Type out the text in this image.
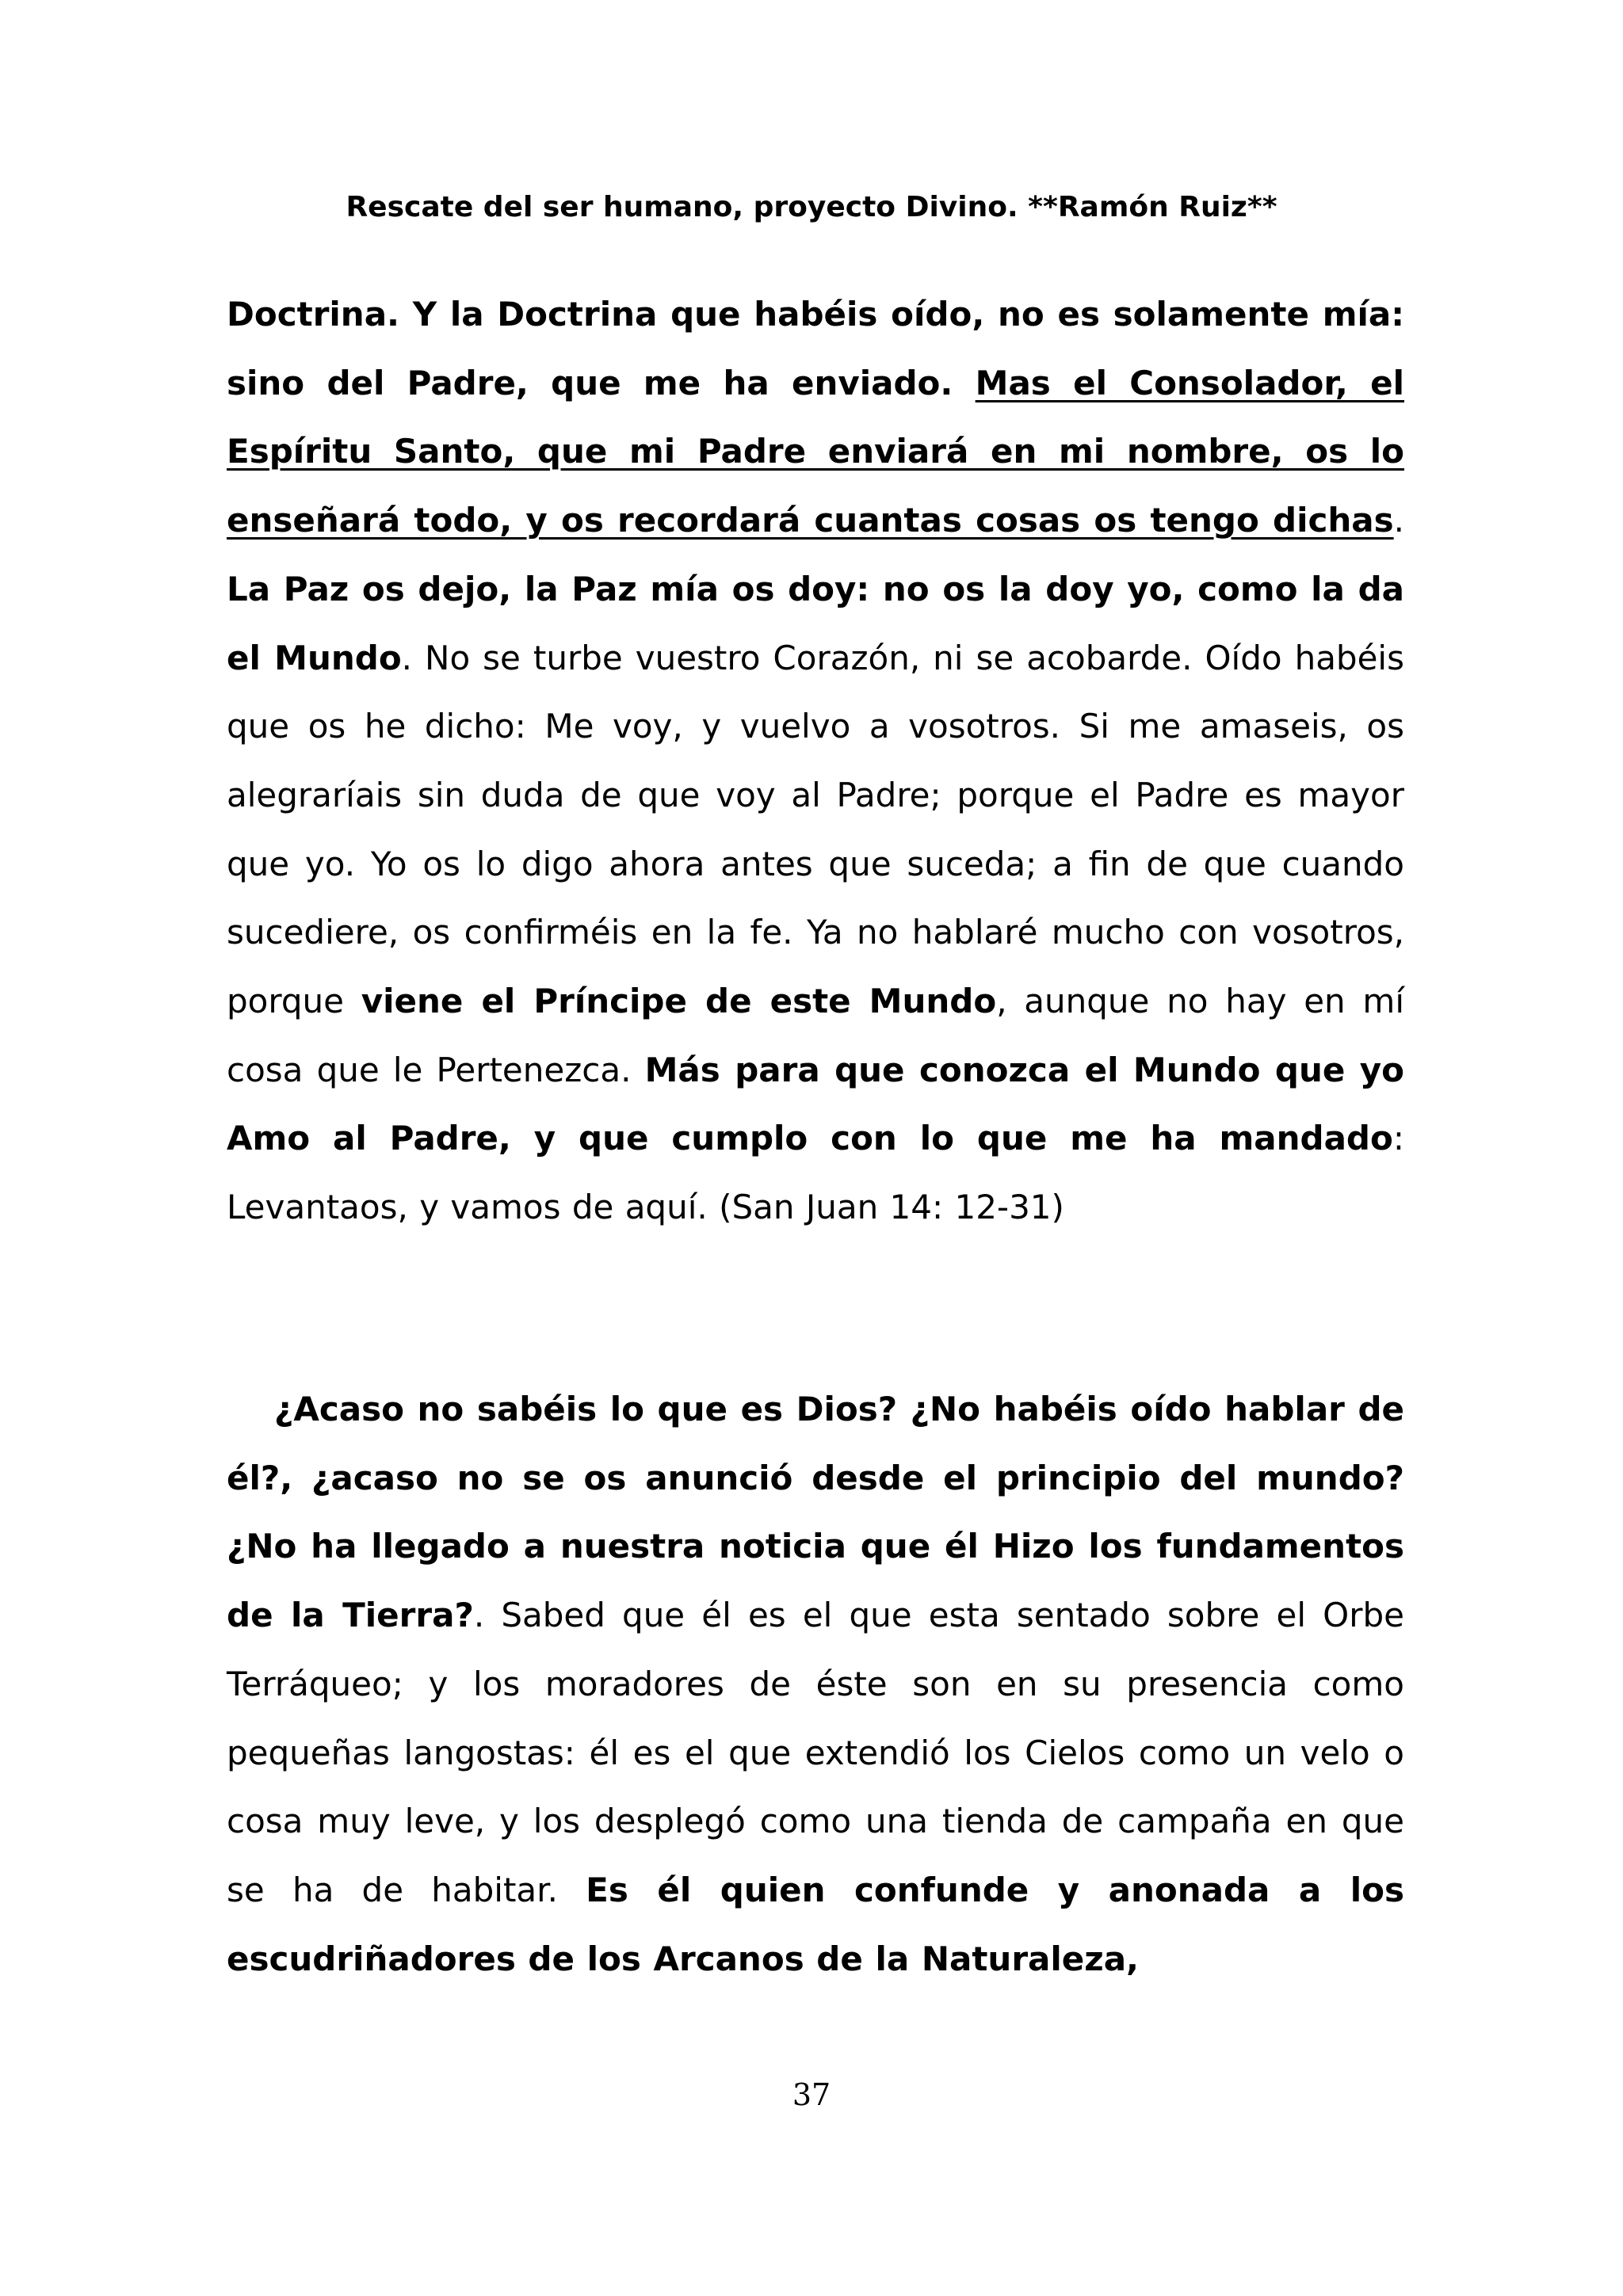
Rescate del ser humano, proyecto Divino. **Ramón Ruiz**
Doctrina. Y la Doctrina que habéis oído, no es solamente mía: sino del Padre, que me ha enviado. Mas el Consolador, el Espíritu Santo, que mi Padre enviará en mi nombre, os lo enseñará todo, y os recordará cuantas cosas os tengo dichas. La Paz os dejo, la Paz mía os doy: no os la doy yo, como la da el Mundo. No se turbe vuestro Corazón, ni se acobarde. Oído habéis que os he dicho: Me voy, y vuelvo a vosotros. Si me amaseis, os alegraríais sin duda de que voy al Padre; porque el Padre es mayor que yo. Yo os lo digo ahora antes que suceda; a fin de que cuando sucediere, os confirméis en la fe. Ya no hablaré mucho con vosotros, porque viene el Príncipe de este Mundo, aunque no hay en mí cosa que le Pertenezca. Más para que conozca el Mundo que yo Amo al Padre, y que cumplo con lo que me ha mandado: Levantaos, y vamos de aquí. (San Juan 14: 12-31)
¿Acaso no sabéis lo que es Dios? ¿No habéis oído hablar de él?, ¿acaso no se os anunció desde el principio del mundo? ¿No ha llegado a nuestra noticia que él Hizo los fundamentos de la Tierra?. Sabed que él es el que esta sentado sobre el Orbe Terráqueo; y los moradores de éste son en su presencia como pequeñas langostas: él es el que extendió los Cielos como un velo o cosa muy leve, y los desplegó como una tienda de campaña en que se ha de habitar. Es él quien confunde y anonada a los escudriñadores de los Arcanos de la Naturaleza,
37
